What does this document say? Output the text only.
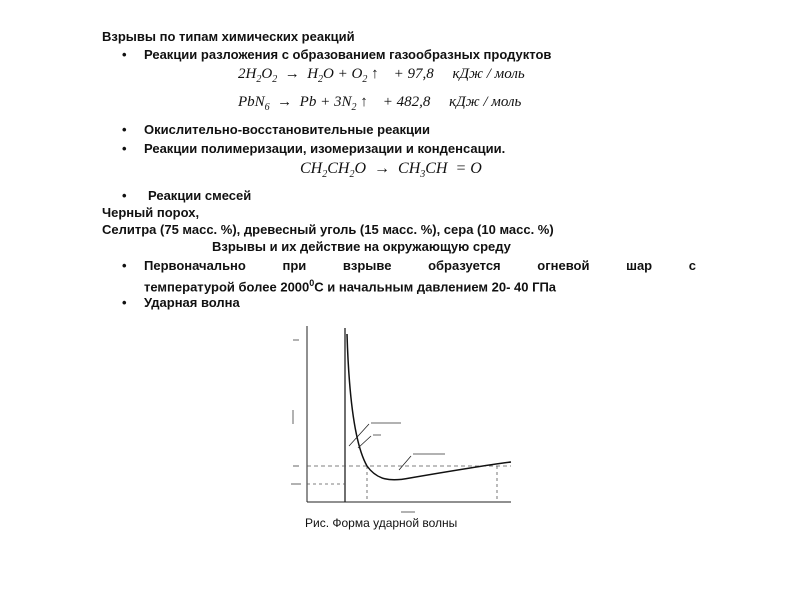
Взрывы по типам химических реакций
• Реакции разложения с образованием газообразных продуктов
$2H_2O_2 \to H_2O + O_2$ ↑    + 97,8 кДж / моль
$PbN_6 \to Pb + 3N_2$ ↑    + 482,8 кДж / моль
• Окислительно-восстановительные реакции
• Реакции полимеризации, изомеризации и конденсации.
$CH_2CH_2O \to CH_3CH = O$
• Реакции смесей
Черный порох,
Селитра (75 масс. %), древесный уголь (15 масс. %), сера (10 масс. %)
Взрывы и их действие на окружающую среду
• Первоначально	при	взрыве	образуется	огневой	шар	с
температурой более 2000$^0$С и начальным давлением 20- 40 ГПа
• Ударная волна
Рис. Форма ударной волны
